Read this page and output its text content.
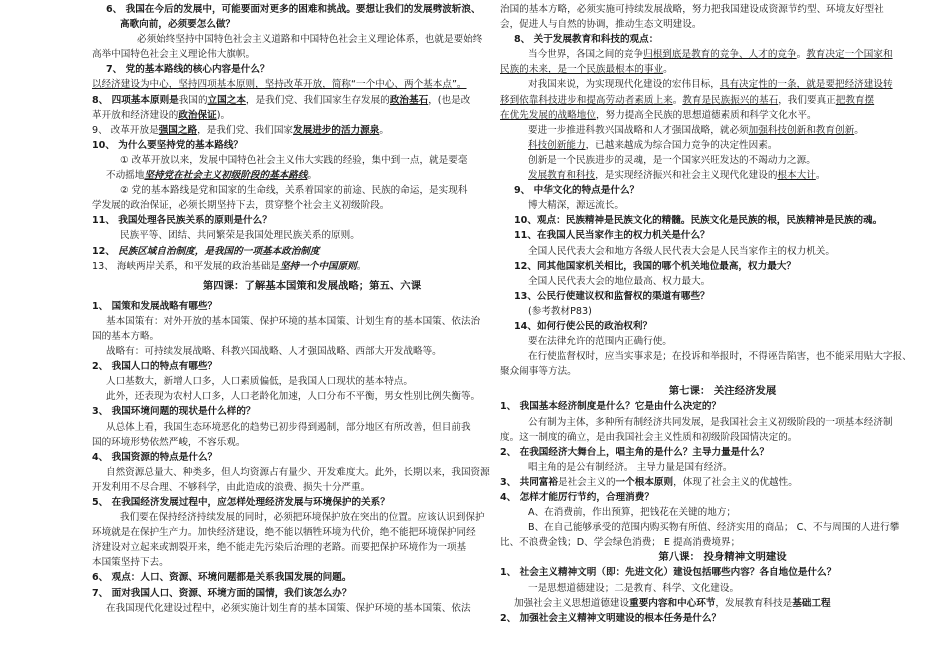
6、 我国在今后的发展中，可能要面对更多的困难和挑战。要想让我们的发展劈波斩浪、
高歌向前，必须要怎么做？
必须始终坚持中国特色社会主义道路和中国特色社会主义理论体系，也就是要始终
高举中国特色社会主义理论伟大旗帜。
7、 党的基本路线的核心内容是什么？
以经济建设为中心，坚持四项基本原则，坚持改革开放，简称“一个中心、两个基本点”。
8、 四项基本原则是我国的立国之本，是我们党、我们国家生存发展的政治基石，(也是改
革开放和经济建设的政治保证)。
9、 改革开放是强国之路，是我们党、我们国家发展进步的活力源泉。
10、 为什么要坚持党的基本路线？
① 改革开放以来，发展中国特色社会主义伟大实践的经验，集中到一点，就是要毫
不动摇地坚持党在社会主义初级阶段的基本路线。
② 党的基本路线是党和国家的生命线，关系着国家的前途、民族的命运，是实现科
学发展的政治保证，必须长期坚持下去，贯穿整个社会主义初级阶段。
11、 我国处理各民族关系的原则是什么？
民族平等、团结、共同繁荣是我国处理民族关系的原则。
12、 民族区域自治制度，是我国的一项基本政治制度
13、 海峡两岸关系，和平发展的政治基础是坚持一个中国原则。
第四课：了解基本国策和发展战略；第五、六课
1、 国策和发展战略有哪些？
基本国策有：对外开放的基本国策、保护环境的基本国策、计划生育的基本国策、依法治
国的基本方略。
战略有：可持续发展战略、科教兴国战略、人才强国战略、西部大开发战略等。
2、 我国人口的特点有哪些？
人口基数大，新增人口多，人口素质偏低，是我国人口现状的基本特点。
此外，还表现为农村人口多，人口老龄化加速，人口分布不平衡，男女性别比例失衡等。
3、 我国环境问题的现状是什么样的？
从总体上看，我国生态环境恶化的趋势已初步得到遏制，部分地区有所改善，但目前我
国的环境形势依然严峻，不容乐观。
4、 我国资源的特点是什么？
自然资源总量大、种类多，但人均资源占有量少、开发难度大。此外，长期以来，我国资源
开发利用不尽合理、不够科学，由此造成的浪费、损失十分严重。
5、 在我国经济发展过程中，应怎样处理经济发展与环境保护的关系？
我们要在保持经济持续发展的同时，必须把环境保护放在突出的位置。应该认识到保护
环境就是在保护生产力。加快经济建设，绝不能以牺牲环境为代价，绝不能把环境保护同经
济建设对立起来或割裂开来，绝不能走先污染后治理的老路。而要把保护环境作为一项基
本国策坚持下去。
6、 观点：人口、资源、环境问题都是关系我国发展的问题。
7、 面对我国人口、资源、环境方面的国情，我们该怎么办？
在我国现代化建设过程中，必须实施计划生育的基本国策、保护环境的基本国策、依法
治国的基本方略，必须实施可持续发展战略，努力把我国建设成资源节约型、环境友好型社
会，促进人与自然的协调，推动生态文明建设。
8、 关于发展教育和科技的观点：
当今世界，各国之间的竞争归根到底是教育的竞争、人才的竞争。教育决定一个国家和
民族的未来，是一个民族最根本的事业。
对我国来说，为实现现代化建设的宏伟目标，具有决定性的一条，就是要把经济建设转
移到依靠科技进步和提高劳动者素质上来。教育是民族振兴的基石，我们要真正把教育摆
在优先发展的战略地位，努力提高全民族的思想道德素质和科学文化水平。
要进一步推进科教兴国战略和人才强国战略，就必须加强科技创新和教育创新。
科技创新能力，已越来越成为综合国力竞争的决定性因素。
创新是一个民族进步的灵魂，是一个国家兴旺发达的不竭动力之源。
发展教育和科技，是实现经济振兴和社会主义现代化建设的根本大计。
9、 中华文化的特点是什么？
博大精深，源远流长。
10、观点：民族精神是民族文化的精髓。民族文化是民族的根，民族精神是民族的魂。
11、在我国人民当家作主的权力机关是什么？
全国人民代表大会和地方各级人民代表大会是人民当家作主的权力机关。
12、同其他国家机关相比，我国的哪个机关地位最高，权力最大？
全国人民代表大会的地位最高、权力最大。
13、公民行使建议权和监督权的渠道有哪些？
(参考教材P83)
14、如何行使公民的政治权利？
要在法律允许的范围内正确行使。
在行使监督权时，应当实事求是；在投诉和举报时，不得诬告陷害，也不能采用贴大字报、
聚众闹事等方法。
第七课： 关注经济发展
1、 我国基本经济制度是什么？它是由什么决定的？
公有制为主体，多种所有制经济共同发展，是我国社会主义初级阶段的一项基本经济制
度。这一制度的确立，是由我国社会主义性质和初级阶段国情决定的。
2、 在我国经济大舞台上，唱主角的是什么？主导力量是什么？
唱主角的是公有制经济。 主导力量是国有经济。
3、 共同富裕是社会主义的一个根本原则，体现了社会主义的优越性。
4、 怎样才能厉行节约，合理消费？
A、在消费前，作出预算，把钱花在关键的地方；
B、在自己能够承受的范围内购买物有所值、经济实用的商品； C、不与周围的人进行攀
比、不浪费金钱；D、学会绿色消费； E 提高消费境界；
第八课： 投身精神文明建设
1、 社会主义精神文明（即：先进文化）建设包括哪些内容？各自地位是什么？
一是思想道德建设；二是教育、科学、文化建设。
加强社会主义思想道德建设重要内容和中心环节，发展教育科技是基础工程
2、 加强社会主义精神文明建设的根本任务是什么？
